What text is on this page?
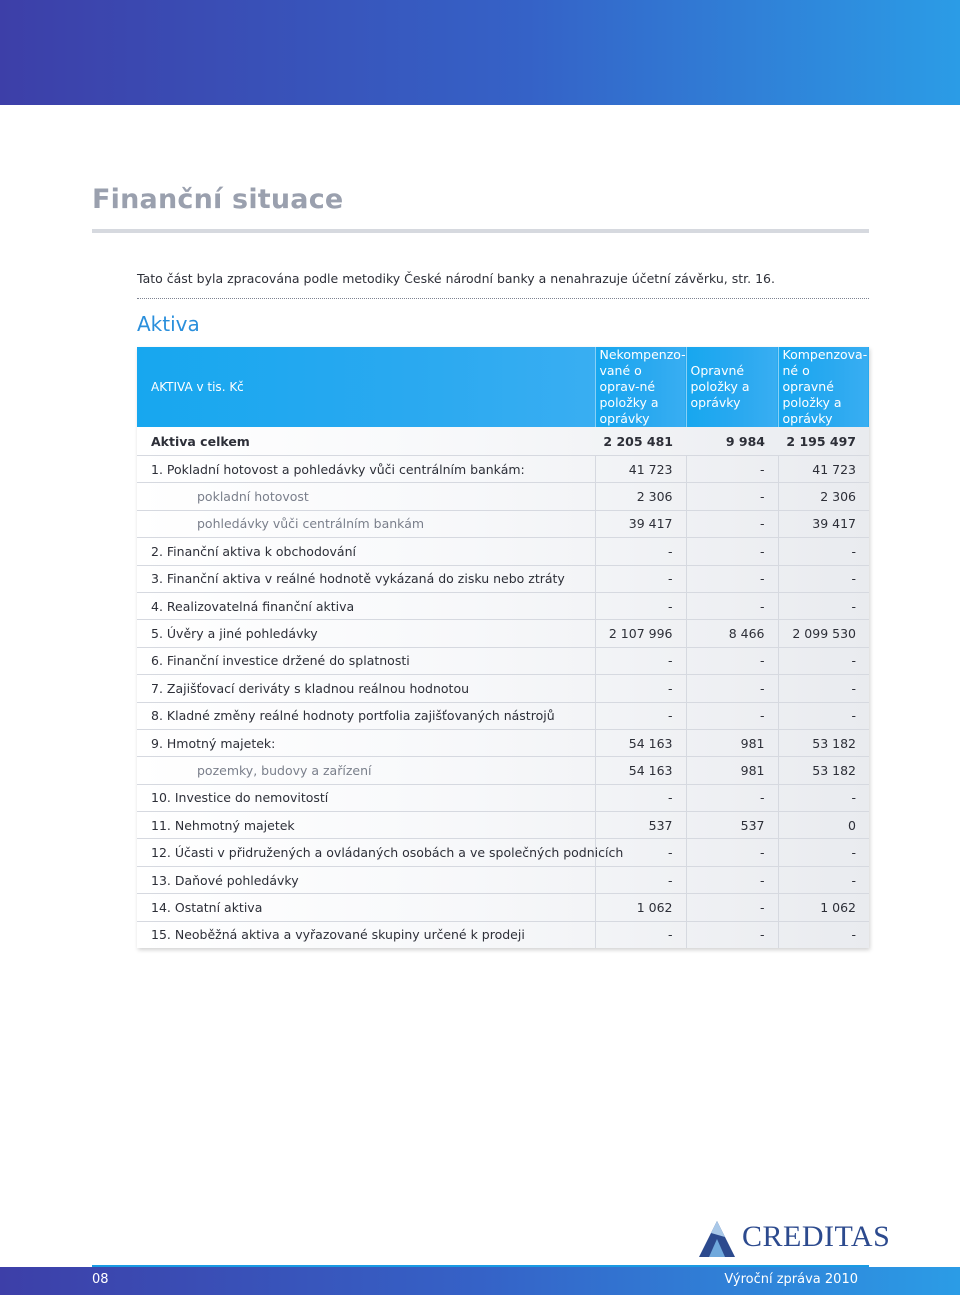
Finanční situace
Tato část byla zpracována podle metodiky České národní banky a nenahrazuje účetní závěrku, str. 16.
Aktiva
AKTIVA v tis. Kč	Nekompenzo-vané o oprav-né položky a oprávky	Opravné položky a oprávky	Kompenzova-né o opravné položky a oprávky
Aktiva celkem	2 205 481	9 984	2 195 497
1. Pokladní hotovost a pohledávky vůči centrálním bankám:	41 723	-	41 723
pokladní hotovost	2 306	-	2 306
pohledávky vůči centrálním bankám	39 417	-	39 417
2. Finanční aktiva k obchodování	-	-	-
3. Finanční aktiva v reálné hodnotě vykázaná do zisku nebo ztráty	-	-	-
4. Realizovatelná finanční aktiva	-	-	-
5. Úvěry a jiné pohledávky	2 107 996	8 466	2 099 530
6. Finanční investice držené do splatnosti	-	-	-
7. Zajišťovací deriváty s kladnou reálnou hodnotou	-	-	-
8. Kladné změny reálné hodnoty portfolia zajišťovaných nástrojů	-	-	-
9. Hmotný majetek:	54 163	981	53 182
pozemky, budovy a zařízení	54 163	981	53 182
10. Investice do nemovitostí	-	-	-
11. Nehmotný majetek	537	537	0
12. Účasti v přidružených a ovládaných osobách a ve společných podnicích	-	-	-
13. Daňové pohledávky	-	-	-
14. Ostatní aktiva	1 062	-	1 062
15. Neoběžná aktiva a vyřazované skupiny určené k prodeji	-	-	-
CREDITAS
08	Výroční zpráva 2010
